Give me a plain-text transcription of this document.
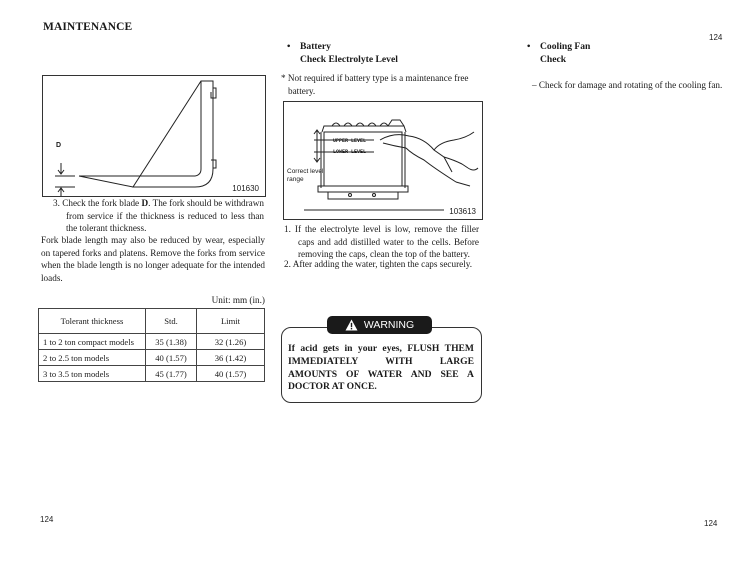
MAINTENANCE
124
D
101630
3. Check the fork blade D. The fork should be withdrawn from service if the thickness is reduced to less than the tolerant thickness.
Fork blade length may also be reduced by wear, especially on tapered forks and platens. Remove the forks from service when the blade length is no longer adequate for the intended loads.
Unit: mm (in.)
Tolerant thickness	Std.	Limit
1 to 2 ton compact models	35 (1.38)	32 (1.26)
2 to 2.5 ton models	40 (1.57)	36 (1.42)
3 to 3.5 ton models	45 (1.77)	40 (1.57)
• Battery
Check Electrolyte Level
* Not required if battery type is a maintenance free battery.
UPPER LEVEL
LOWER LEVEL
Correct level
range
103613
1. If the electrolyte level is low, remove the filler caps and add distilled water to the cells. Before removing the caps, clean the top of the battery.
2. After adding the water, tighten the caps securely.
WARNING
If acid gets in your eyes, FLUSH THEM IMMEDIATELY WITH LARGE AMOUNTS OF WATER AND SEE A DOCTOR AT ONCE.
• Cooling Fan
Check
– Check for damage and rotating of the cooling fan.
124	124
